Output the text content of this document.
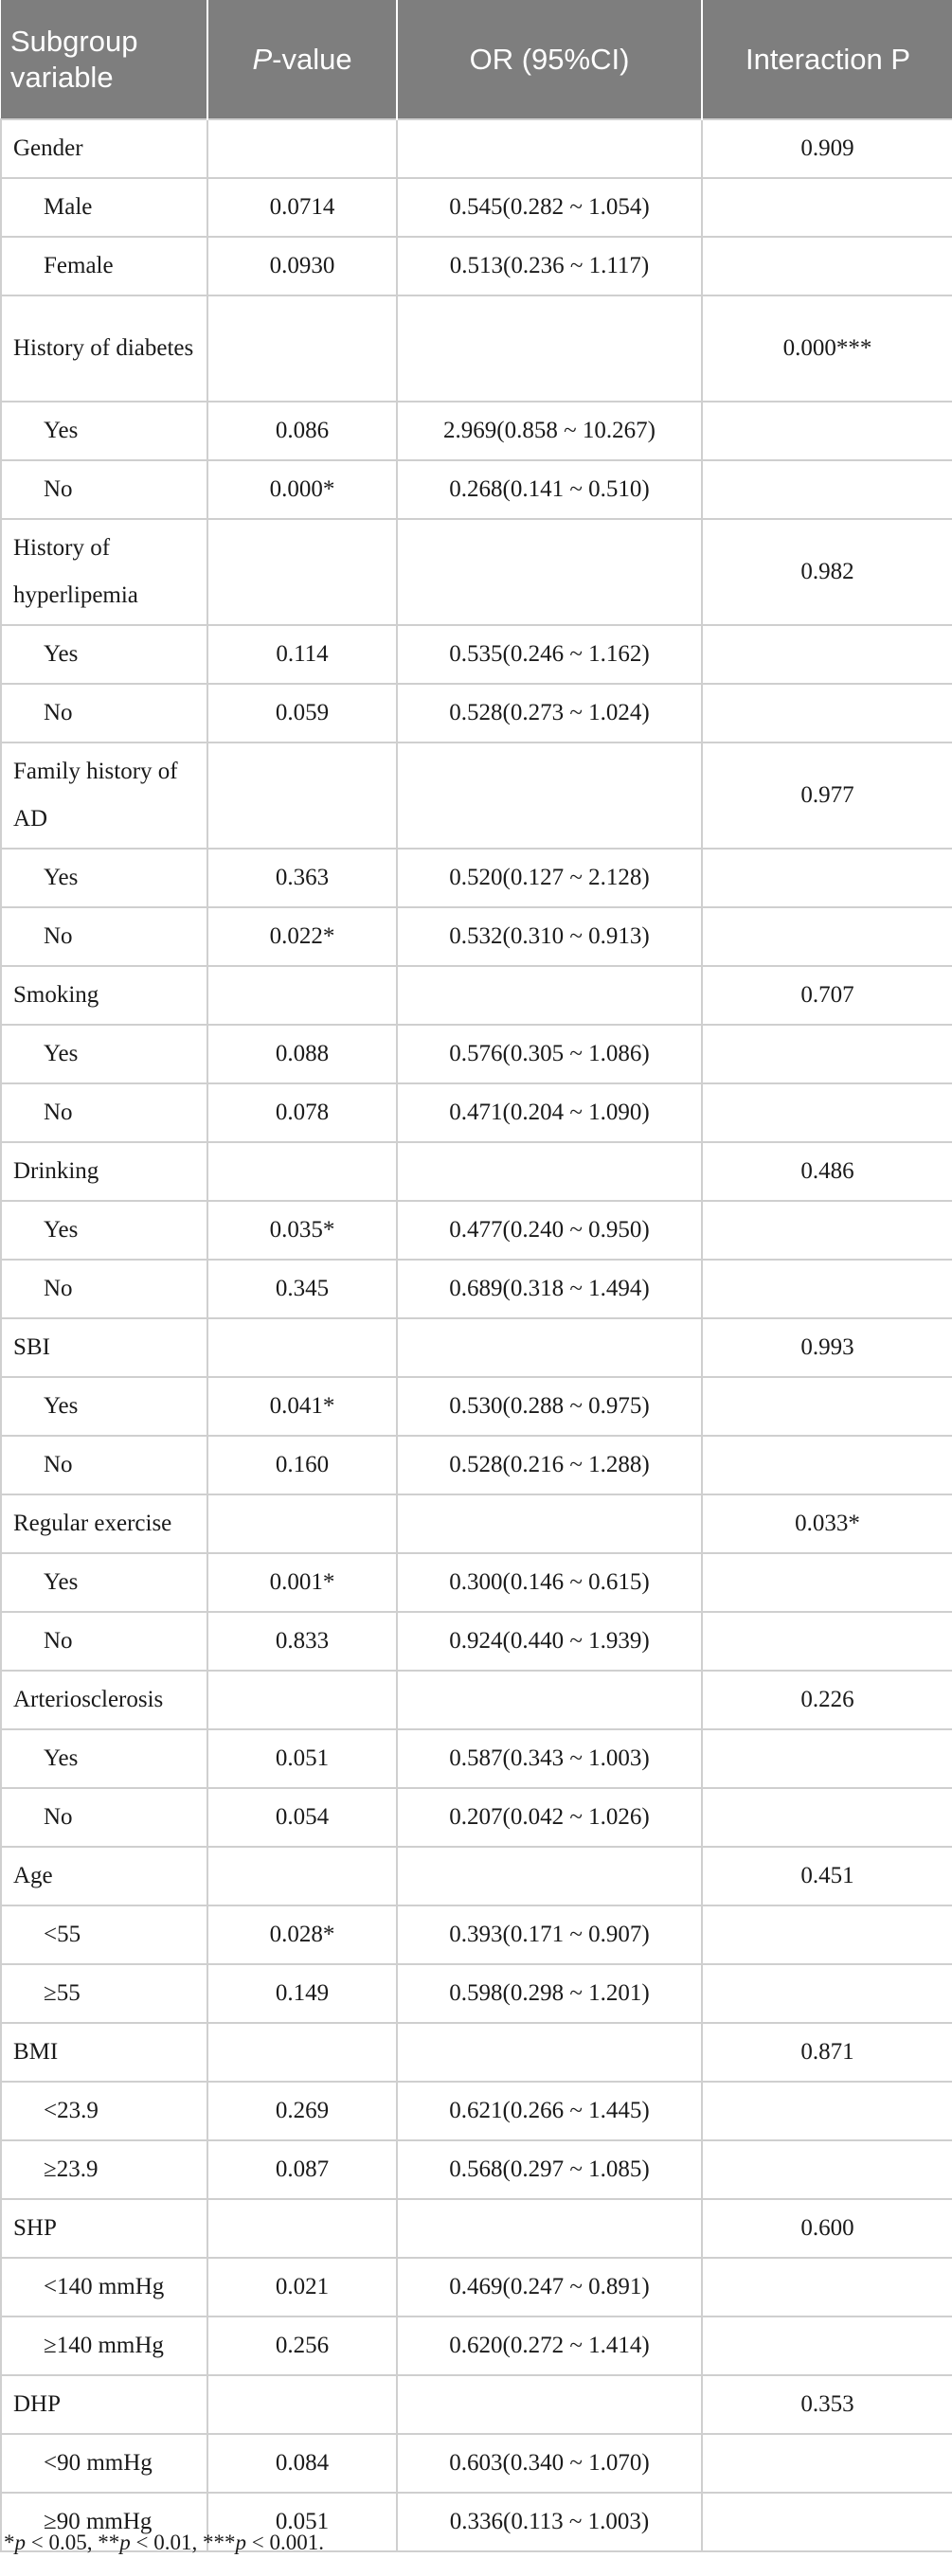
Subgroup variable	P-value	OR (95%CI)	Interaction P
Gender			0.909
Male	0.0714	0.545(0.282 ~ 1.054)	
Female	0.0930	0.513(0.236 ~ 1.117)	
History of diabetes			0.000***
Yes	0.086	2.969(0.858 ~ 10.267)	
No	0.000*	0.268(0.141 ~ 0.510)	
History of hyperlipemia			0.982
Yes	0.114	0.535(0.246 ~ 1.162)	
No	0.059	0.528(0.273 ~ 1.024)	
Family history of AD			0.977
Yes	0.363	0.520(0.127 ~ 2.128)	
No	0.022*	0.532(0.310 ~ 0.913)	
Smoking			0.707
Yes	0.088	0.576(0.305 ~ 1.086)	
No	0.078	0.471(0.204 ~ 1.090)	
Drinking			0.486
Yes	0.035*	0.477(0.240 ~ 0.950)	
No	0.345	0.689(0.318 ~ 1.494)	
SBI			0.993
Yes	0.041*	0.530(0.288 ~ 0.975)	
No	0.160	0.528(0.216 ~ 1.288)	
Regular exercise			0.033*
Yes	0.001*	0.300(0.146 ~ 0.615)	
No	0.833	0.924(0.440 ~ 1.939)	
Arteriosclerosis			0.226
Yes	0.051	0.587(0.343 ~ 1.003)	
No	0.054	0.207(0.042 ~ 1.026)	
Age			0.451
<55	0.028*	0.393(0.171 ~ 0.907)	
≥55	0.149	0.598(0.298 ~ 1.201)	
BMI			0.871
<23.9	0.269	0.621(0.266 ~ 1.445)	
≥23.9	0.087	0.568(0.297 ~ 1.085)	
SHP			0.600
<140 mmHg	0.021	0.469(0.247 ~ 0.891)	
≥140 mmHg	0.256	0.620(0.272 ~ 1.414)	
DHP			0.353
<90 mmHg	0.084	0.603(0.340 ~ 1.070)	
≥90 mmHg	0.051	0.336(0.113 ~ 1.003)	
*p < 0.05, **p < 0.01, ***p < 0.001.
